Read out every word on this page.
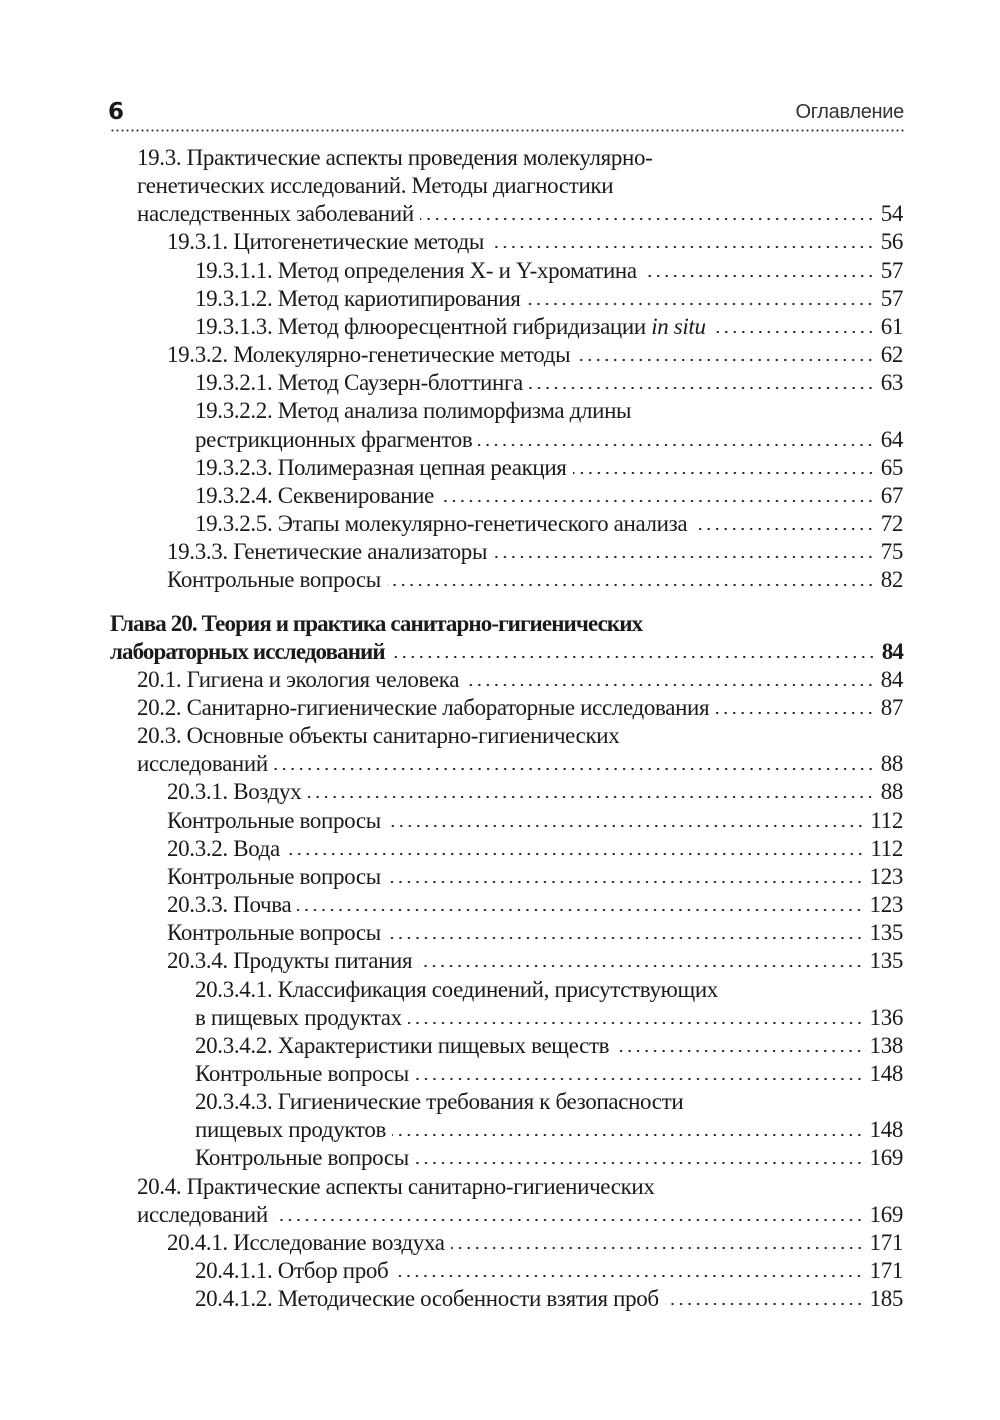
6	Оглавление
19.3. Практические аспекты проведения молекулярно-
генетических исследований. Методы диагностики
наследственных заболеваний	54
19.3.1. Цитогенетические методы	56
19.3.1.1. Метод определения X- и Y-хроматина	57
19.3.1.2. Метод кариотипирования	57
19.3.1.3. Метод флюоресцентной гибридизации in situ	61
19.3.2. Молекулярно-генетические методы	62
19.3.2.1. Метод Саузерн-блоттинга	63
19.3.2.2. Метод анализа полиморфизма длины
рестрикционных фрагментов	64
19.3.2.3. Полимеразная цепная реакция	65
19.3.2.4. Секвенирование	67
19.3.2.5. Этапы молекулярно-генетического анализа	72
19.3.3. Генетические анализаторы	75
Контрольные вопросы	82
Глава 20. Теория и практика санитарно-гигиенических
лабораторных исследований	84
20.1. Гигиена и экология человека	84
20.2. Санитарно-гигиенические лабораторные исследования	87
20.3. Основные объекты санитарно-гигиенических
исследований	88
20.3.1. Воздух	88
Контрольные вопросы	112
20.3.2. Вода	112
Контрольные вопросы	123
20.3.3. Почва	123
Контрольные вопросы	135
20.3.4. Продукты питания	135
20.3.4.1. Классификация соединений, присутствующих
в пищевых продуктах	136
20.3.4.2. Характеристики пищевых веществ	138
Контрольные вопросы	148
20.3.4.3. Гигиенические требования к безопасности
пищевых продуктов	148
Контрольные вопросы	169
20.4. Практические аспекты санитарно-гигиенических
исследований	169
20.4.1. Исследование воздуха	171
20.4.1.1. Отбор проб	171
20.4.1.2. Методические особенности взятия проб	185
